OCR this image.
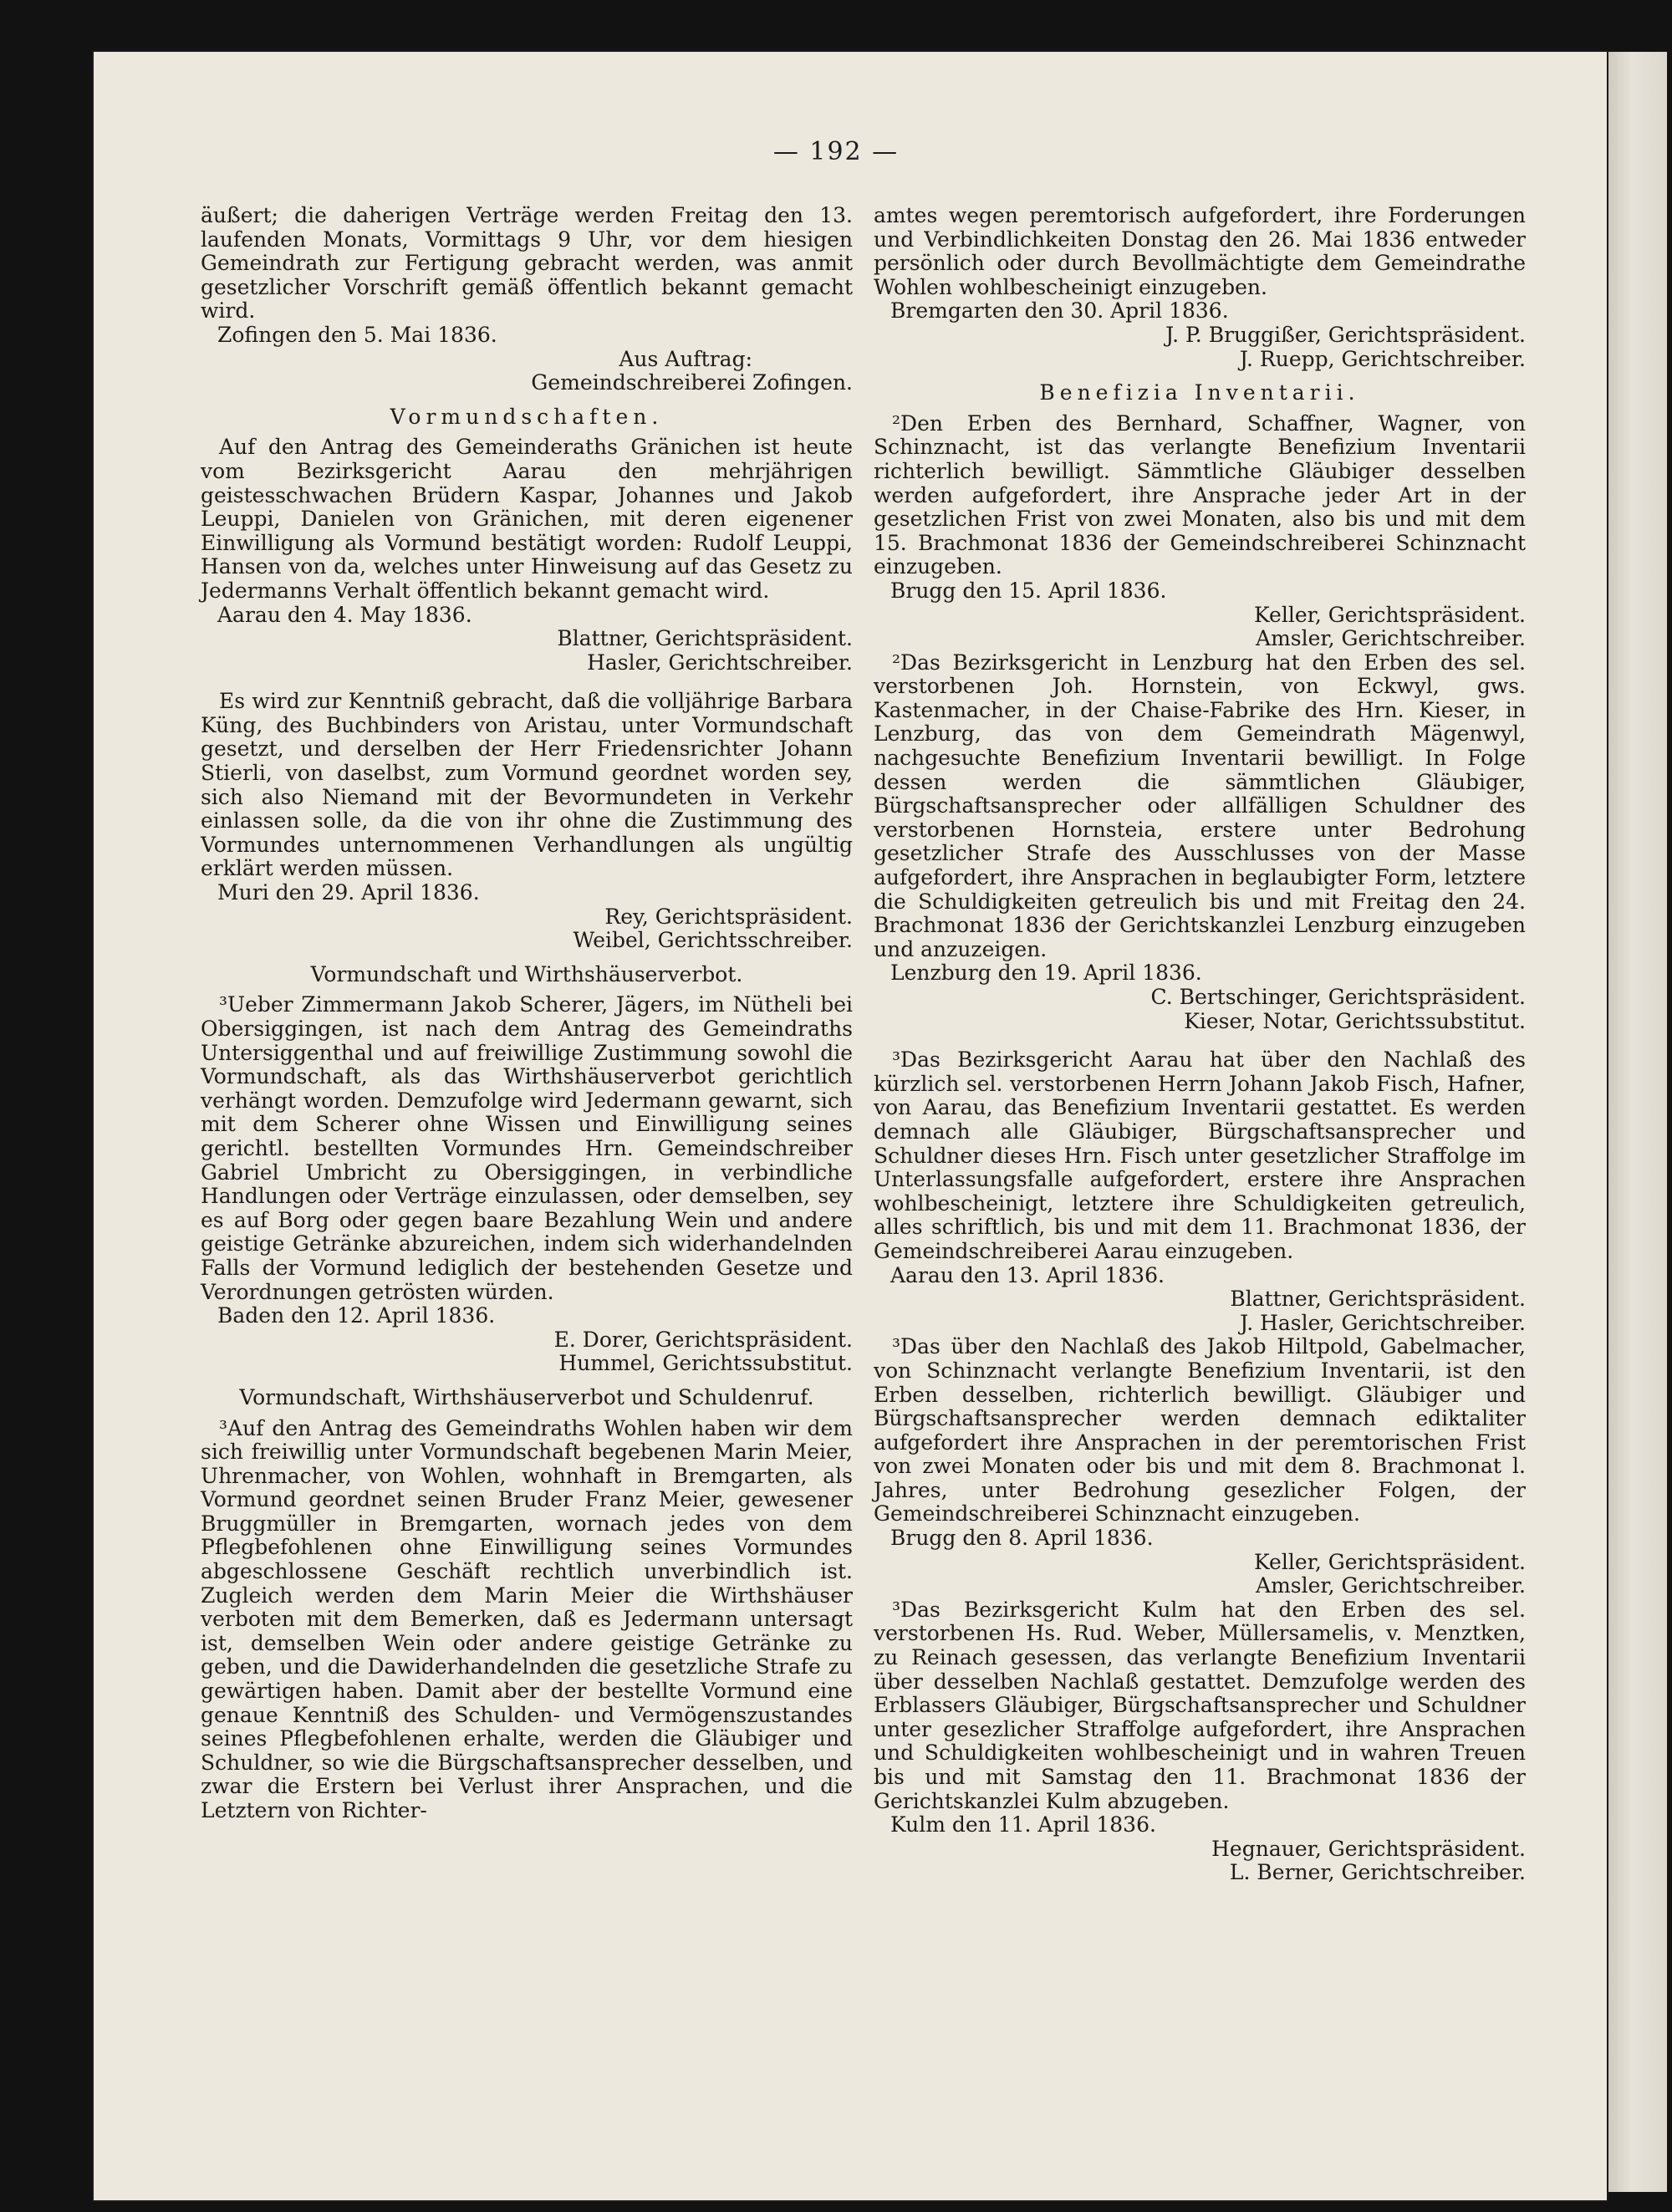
— 192 —

äußert; die daherigen Verträge werden Freitag den 13. laufenden Monats, Vormittags 9 Uhr, vor dem hiesigen Gemeindrath zur Fertigung gebracht werden, was anmit gesetzlicher Vorschrift gemäß öffentlich bekannt gemacht wird.

Zofingen den 5. Mai 1836.

Aus Auftrag:

Gemeindschreiberei Zofingen.

Vormundschaften.

Auf den Antrag des Gemeinderaths Gränichen ist heute vom Bezirksgericht Aarau den mehrjährigen geistesschwachen Brüdern Kaspar, Johannes und Jakob Leuppi, Danielen von Gränichen, mit deren eigenener Einwilligung als Vormund bestätigt worden: Rudolf Leuppi, Hansen von da, welches unter Hinweisung auf das Gesetz zu Jedermanns Verhalt öffentlich bekannt gemacht wird.

Aarau den 4. May 1836.

Blattner, Gerichtspräsident.

Hasler, Gerichtschreiber.

Es wird zur Kenntniß gebracht, daß die volljährige Barbara Küng, des Buchbinders von Aristau, unter Vormundschaft gesetzt, und derselben der Herr Friedensrichter Johann Stierli, von daselbst, zum Vormund geordnet worden sey, sich also Niemand mit der Bevormundeten in Verkehr einlassen solle, da die von ihr ohne die Zustimmung des Vormundes unternommenen Verhandlungen als ungültig erklärt werden müssen.

Muri den 29. April 1836.

Rey, Gerichtspräsident.

Weibel, Gerichtsschreiber.

Vormundschaft und Wirthshäuserverbot.

³Ueber Zimmermann Jakob Scherer, Jägers, im Nütheli bei Obersiggingen, ist nach dem Antrag des Gemeindraths Untersiggenthal und auf freiwillige Zustimmung sowohl die Vormundschaft, als das Wirthshäuserverbot gerichtlich verhängt worden. Demzufolge wird Jedermann gewarnt, sich mit dem Scherer ohne Wissen und Einwilligung seines gerichtl. bestellten Vormundes Hrn. Gemeindschreiber Gabriel Umbricht zu Obersiggingen, in verbindliche Handlungen oder Verträge einzulassen, oder demselben, sey es auf Borg oder gegen baare Bezahlung Wein und andere geistige Getränke abzureichen, indem sich widerhandelnden Falls der Vormund lediglich der bestehenden Gesetze und Verordnungen getrösten würden.

Baden den 12. April 1836.

E. Dorer, Gerichtspräsident.

Hummel, Gerichtssubstitut.

Vormundschaft, Wirthshäuserverbot und Schuldenruf.

³Auf den Antrag des Gemeindraths Wohlen haben wir dem sich freiwillig unter Vormundschaft begebenen Marin Meier, Uhrenmacher, von Wohlen, wohnhaft in Bremgarten, als Vormund geordnet seinen Bruder Franz Meier, gewesener Bruggmüller in Bremgarten, wornach jedes von dem Pflegbefohlenen ohne Einwilligung seines Vormundes abgeschlossene Geschäft rechtlich unverbindlich ist. Zugleich werden dem Marin Meier die Wirthshäuser verboten mit dem Bemerken, daß es Jedermann untersagt ist, demselben Wein oder andere geistige Getränke zu geben, und die Dawiderhandelnden die gesetzliche Strafe zu gewärtigen haben. Damit aber der bestellte Vormund eine genaue Kenntniß des Schulden- und Vermögenszustandes seines Pflegbefohlenen erhalte, werden die Gläubiger und Schuldner, so wie die Bürgschaftsansprecher desselben, und zwar die Erstern bei Verlust ihrer Ansprachen, und die Letztern von Richter-

amtes wegen peremtorisch aufgefordert, ihre Forderungen und Verbindlichkeiten Donstag den 26. Mai 1836 entweder persönlich oder durch Bevollmächtigte dem Gemeindrathe Wohlen wohlbescheinigt einzugeben.

Bremgarten den 30. April 1836.

J. P. Bruggißer, Gerichtspräsident.

J. Ruepp, Gerichtschreiber.

Benefizia Inventarii.

²Den Erben des Bernhard, Schaffner, Wagner, von Schinznacht, ist das verlangte Benefizium Inventarii richterlich bewilligt. Sämmtliche Gläubiger desselben werden aufgefordert, ihre Ansprache jeder Art in der gesetzlichen Frist von zwei Monaten, also bis und mit dem 15. Brachmonat 1836 der Gemeindschreiberei Schinznacht einzugeben.

Brugg den 15. April 1836.

Keller, Gerichtspräsident.

Amsler, Gerichtschreiber.

²Das Bezirksgericht in Lenzburg hat den Erben des sel. verstorbenen Joh. Hornstein, von Eckwyl, gws. Kastenmacher, in der Chaise-Fabrike des Hrn. Kieser, in Lenzburg, das von dem Gemeindrath Mägenwyl, nachgesuchte Benefizium Inventarii bewilligt. In Folge dessen werden die sämmtlichen Gläubiger, Bürgschaftsansprecher oder allfälligen Schuldner des verstorbenen Hornsteia, erstere unter Bedrohung gesetzlicher Strafe des Ausschlusses von der Masse aufgefordert, ihre Ansprachen in beglaubigter Form, letztere die Schuldigkeiten getreulich bis und mit Freitag den 24. Brachmonat 1836 der Gerichtskanzlei Lenzburg einzugeben und anzuzeigen.

Lenzburg den 19. April 1836.

C. Bertschinger, Gerichtspräsident.

Kieser, Notar, Gerichtssubstitut.

³Das Bezirksgericht Aarau hat über den Nachlaß des kürzlich sel. verstorbenen Herrn Johann Jakob Fisch, Hafner, von Aarau, das Benefizium Inventarii gestattet. Es werden demnach alle Gläubiger, Bürgschaftsansprecher und Schuldner dieses Hrn. Fisch unter gesetzlicher Straffolge im Unterlassungsfalle aufgefordert, erstere ihre Ansprachen wohlbescheinigt, letztere ihre Schuldigkeiten getreulich, alles schriftlich, bis und mit dem 11. Brachmonat 1836, der Gemeindschreiberei Aarau einzugeben.

Aarau den 13. April 1836.

Blattner, Gerichtspräsident.

J. Hasler, Gerichtschreiber.

³Das über den Nachlaß des Jakob Hiltpold, Gabelmacher, von Schinznacht verlangte Benefizium Inventarii, ist den Erben desselben, richterlich bewilligt. Gläubiger und Bürgschaftsansprecher werden demnach ediktaliter aufgefordert ihre Ansprachen in der peremtorischen Frist von zwei Monaten oder bis und mit dem 8. Brachmonat l. Jahres, unter Bedrohung gesezlicher Folgen, der Gemeindschreiberei Schinznacht einzugeben.

Brugg den 8. April 1836.

Keller, Gerichtspräsident.

Amsler, Gerichtschreiber.

³Das Bezirksgericht Kulm hat den Erben des sel. verstorbenen Hs. Rud. Weber, Müllersamelis, v. Menztken, zu Reinach gesessen, das verlangte Benefizium Inventarii über desselben Nachlaß gestattet. Demzufolge werden des Erblassers Gläubiger, Bürgschaftsansprecher und Schuldner unter gesezlicher Straffolge aufgefordert, ihre Ansprachen und Schuldigkeiten wohlbescheinigt und in wahren Treuen bis und mit Samstag den 11. Brachmonat 1836 der Gerichtskanzlei Kulm abzugeben.

Kulm den 11. April 1836.

Hegnauer, Gerichtspräsident.

L. Berner, Gerichtschreiber.
